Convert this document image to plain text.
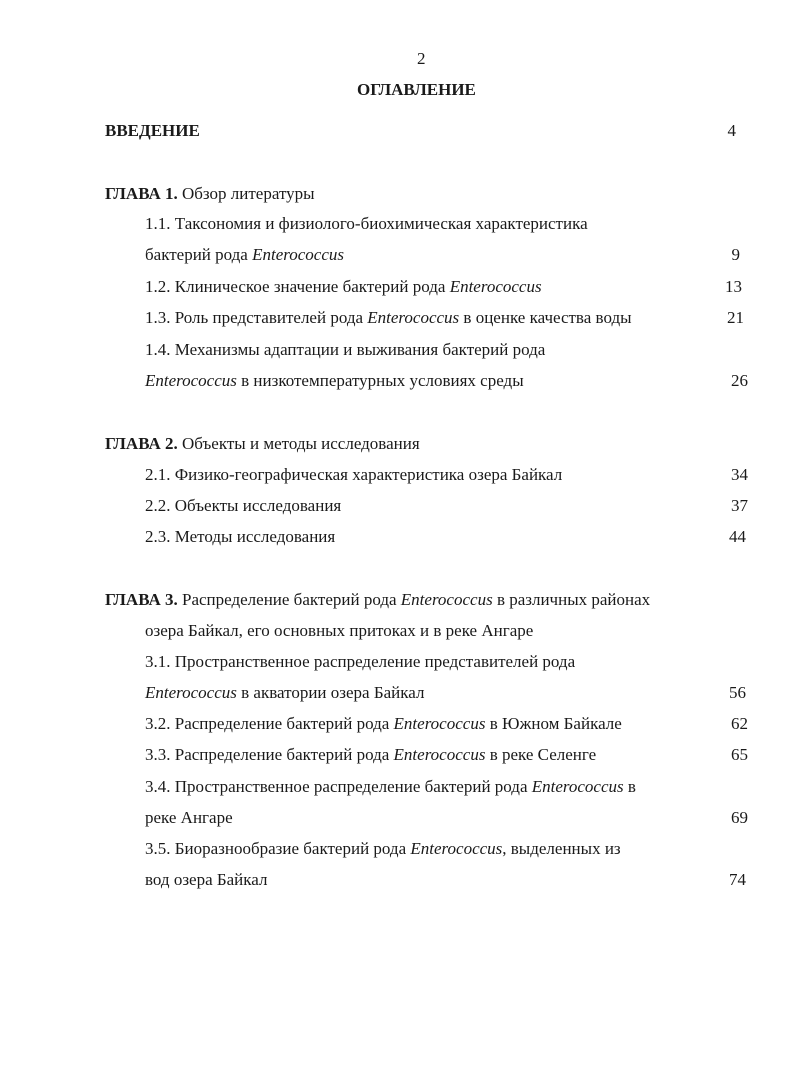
2
ОГЛАВЛЕНИЕ
ВВЕДЕНИЕ	4
ГЛАВА 1. Обзор литературы
1.1. Таксономия и физиолого-биохимическая характеристика
бактерий рода Enterococcus	9
1.2. Клиническое значение бактерий рода Enterococcus	13
1.3. Роль представителей рода Enterococcus в оценке качества воды	21
1.4. Механизмы адаптации и выживания бактерий рода
Enterococcus в низкотемпературных условиях среды	26
ГЛАВА 2. Объекты и методы исследования
2.1. Физико-географическая характеристика озера Байкал	34
2.2. Объекты исследования	37
2.3. Методы исследования	44
ГЛАВА 3. Распределение бактерий рода Enterococcus в различных районах
озера Байкал, его основных притоках и в реке Ангаре
3.1. Пространственное распределение представителей рода
Enterococcus в акватории озера Байкал	56
3.2. Распределение бактерий рода Enterococcus в Южном Байкале	62
3.3. Распределение бактерий рода Enterococcus в реке Селенге	65
3.4. Пространственное распределение бактерий рода Enterococcus в
реке Ангаре	69
3.5. Биоразнообразие бактерий рода Enterococcus, выделенных из
вод озера Байкал	74
